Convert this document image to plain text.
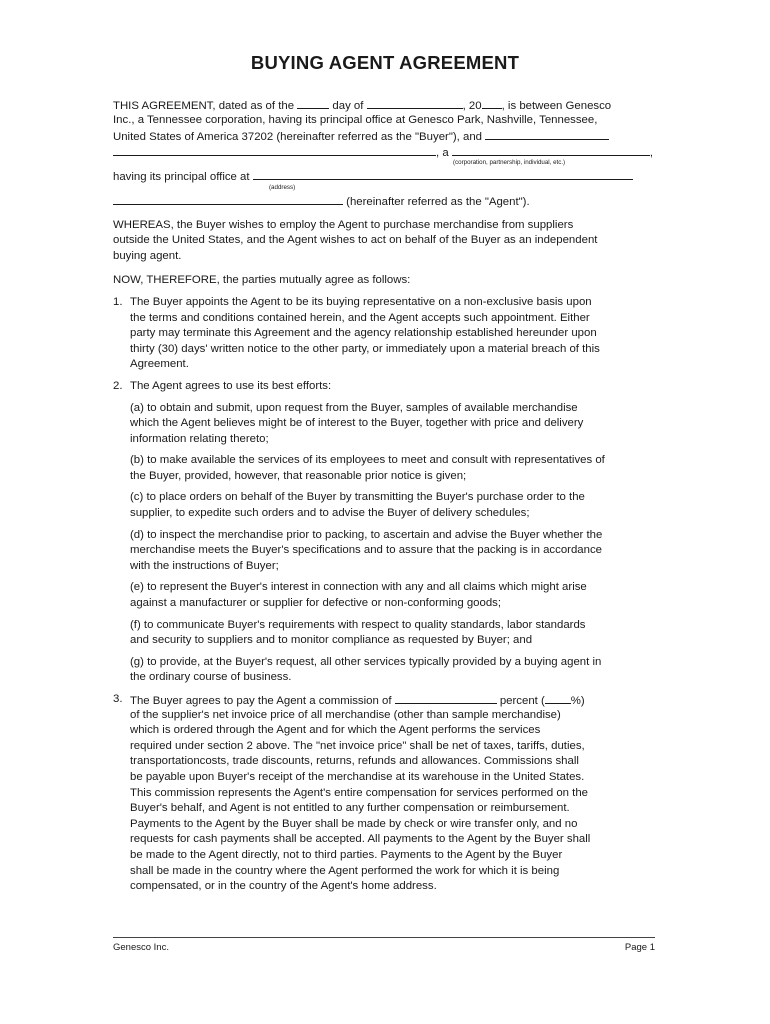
BUYING AGENT AGREEMENT
THIS AGREEMENT, dated as of the	day of	, 20 , is between Genesco
Inc., a Tennessee corporation, having its principal office at Genesco Park, Nashville, Tennessee,
United States of America 37202 (hereinafter referred as the "Buyer"), and
, a	,
(corporation, partnership, individual, etc.)
having its principal office at
(address)
(hereinafter referred as the "Agent").
WHEREAS, the Buyer wishes to employ the Agent to purchase merchandise from suppliers
outside the United States, and the Agent wishes to act on behalf of the Buyer as an independent
buying agent.
NOW, THEREFORE, the parties mutually agree as follows:
1. The Buyer appoints the Agent to be its buying representative on a non-exclusive basis upon
the terms and conditions contained herein, and the Agent accepts such appointment. Either
party may terminate this Agreement and the agency relationship established hereunder upon
thirty (30) days' written notice to the other party, or immediately upon a material breach of this
Agreement.
2. The Agent agrees to use its best efforts:
(a) to obtain and submit, upon request from the Buyer, samples of available merchandise
which the Agent believes might be of interest to the Buyer, together with price and delivery
information relating thereto;
(b) to make available the services of its employees to meet and consult with representatives of
the Buyer, provided, however, that reasonable prior notice is given;
(c) to place orders on behalf of the Buyer by transmitting the Buyer's purchase order to the
supplier, to expedite such orders and to advise the Buyer of delivery schedules;
(d) to inspect the merchandise prior to packing, to ascertain and advise the Buyer whether the
merchandise meets the Buyer's specifications and to assure that the packing is in accordance
with the instructions of Buyer;
(e) to represent the Buyer's interest in connection with any and all claims which might arise
against a manufacturer or supplier for defective or non-conforming goods;
(f) to communicate Buyer's requirements with respect to quality standards, labor standards
and security to suppliers and to monitor compliance as requested by Buyer; and
(g) to provide, at the Buyer's request, all other services typically provided by a buying agent in
the ordinary course of business.
3. The Buyer agrees to pay the Agent a commission of	percent ( %)
of the supplier's net invoice price of all merchandise (other than sample merchandise)
which is ordered through the Agent and for which the Agent performs the services
required under section 2 above. The "net invoice price" shall be net of taxes, tariffs, duties,
transportationcosts, trade discounts, returns, refunds and allowances. Commissions shall
be payable upon Buyer's receipt of the merchandise at its warehouse in the United States.
This commission represents the Agent's entire compensation for services performed on the
Buyer's behalf, and Agent is not entitled to any further compensation or reimbursement.
Payments to the Agent by the Buyer shall be made by check or wire transfer only, and no
requests for cash payments shall be accepted. All payments to the Agent by the Buyer shall
be made to the Agent directly, not to third parties. Payments to the Agent by the Buyer
shall be made in the country where the Agent performed the work for which it is being
compensated, or in the country of the Agent's home address.
Genesco Inc.	Page 1
